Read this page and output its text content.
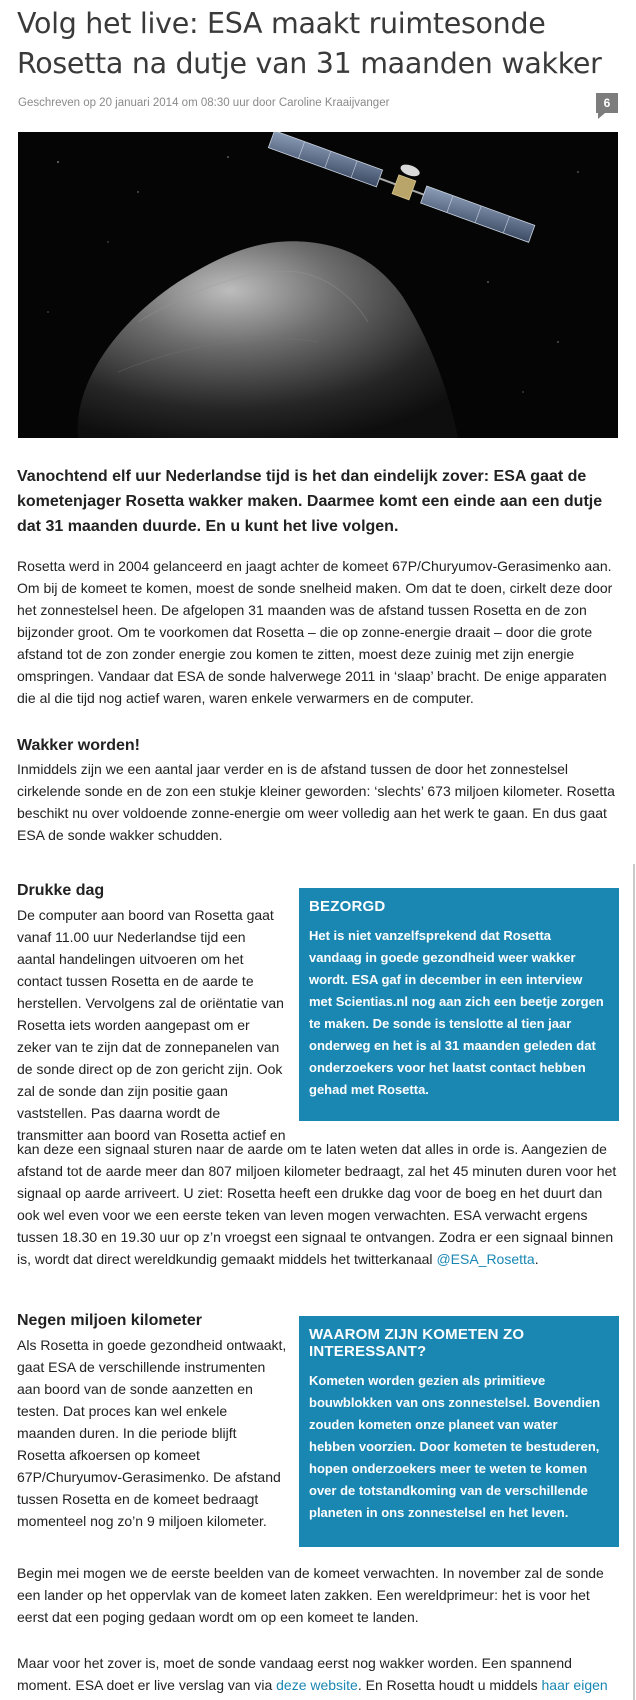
Volg het live: ESA maakt ruimtesonde Rosetta na dutje van 31 maanden wakker
Geschreven op 20 januari 2014 om 08:30 uur door Caroline Kraaijvanger	6

Vanochtend elf uur Nederlandse tijd is het dan eindelijk zover: ESA gaat de kometenjager Rosetta wakker maken. Daarmee komt een einde aan een dutje dat 31 maanden duurde. En u kunt het live volgen.

Rosetta werd in 2004 gelanceerd en jaagt achter de komeet 67P/Churyumov-Gerasimenko aan. Om bij de komeet te komen, moest de sonde snelheid maken. Om dat te doen, cirkelt deze door het zonnestelsel heen. De afgelopen 31 maanden was de afstand tussen Rosetta en de zon bijzonder groot. Om te voorkomen dat Rosetta – die op zonne-energie draait – door die grote afstand tot de zon zonder energie zou komen te zitten, moest deze zuinig met zijn energie omspringen. Vandaar dat ESA de sonde halverwege 2011 in ‘slaap’ bracht. De enige apparaten die al die tijd nog actief waren, waren enkele verwarmers en de computer.

Wakker worden!

Inmiddels zijn we een aantal jaar verder en is de afstand tussen de door het zonnestelsel cirkelende sonde en de zon een stukje kleiner geworden: ‘slechts’ 673 miljoen kilometer. Rosetta beschikt nu over voldoende zonne-energie om weer volledig aan het werk te gaan. En dus gaat ESA de sonde wakker schudden.

Drukke dag

De computer aan boord van Rosetta gaat vanaf 11.00 uur Nederlandse tijd een aantal handelingen uitvoeren om het contact tussen Rosetta en de aarde te herstellen. Vervolgens zal de oriëntatie van Rosetta iets worden aangepast om er zeker van te zijn dat de zonnepanelen van de sonde direct op de zon gericht zijn. Ook zal de sonde dan zijn positie gaan vaststellen. Pas daarna wordt de transmitter aan boord van Rosetta actief en

kan deze een signaal sturen naar de aarde om te laten weten dat alles in orde is. Aangezien de afstand tot de aarde meer dan 807 miljoen kilometer bedraagt, zal het 45 minuten duren voor het signaal op aarde arriveert. U ziet: Rosetta heeft een drukke dag voor de boeg en het duurt dan ook wel even voor we een eerste teken van leven mogen verwachten. ESA verwacht ergens tussen 18.30 en 19.30 uur op z’n vroegst een signaal te ontvangen. Zodra er een signaal binnen is, wordt dat direct wereldkundig gemaakt middels het twitterkanaal @ESA_Rosetta.

BEZORGD
Het is niet vanzelfsprekend dat Rosetta vandaag in goede gezondheid weer wakker wordt. ESA gaf in december in een interview met Scientias.nl nog aan zich een beetje zorgen te maken. De sonde is tenslotte al tien jaar onderweg en het is al 31 maanden geleden dat onderzoekers voor het laatst contact hebben gehad met Rosetta.
Negen miljoen kilometer

Als Rosetta in goede gezondheid ontwaakt, gaat ESA de verschillende instrumenten aan boord van de sonde aanzetten en testen. Dat proces kan wel enkele maanden duren. In die periode blijft Rosetta afkoersen op komeet 67P/Churyumov-Gerasimenko. De afstand tussen Rosetta en de komeet bedraagt momenteel nog zo’n 9 miljoen kilometer.

Begin mei mogen we de eerste beelden van de komeet verwachten. In november zal de sonde een lander op het oppervlak van de komeet laten zakken. Een wereldprimeur: het is voor het eerst dat een poging gedaan wordt om op een komeet te landen.

WAAROM ZIJN KOMETEN ZO INTERESSANT?
Kometen worden gezien als primitieve bouwblokken van ons zonnestelsel. Bovendien zouden kometen onze planeet van water hebben voorzien. Door kometen te bestuderen, hopen onderzoekers meer te weten te komen over de totstandkoming van de verschillende planeten in ons zonnestelsel en het leven.

Maar voor het zover is, moet de sonde vandaag eerst nog wakker worden. Een spannend moment. ESA doet er live verslag van via deze website. En Rosetta houdt u middels haar eigen
